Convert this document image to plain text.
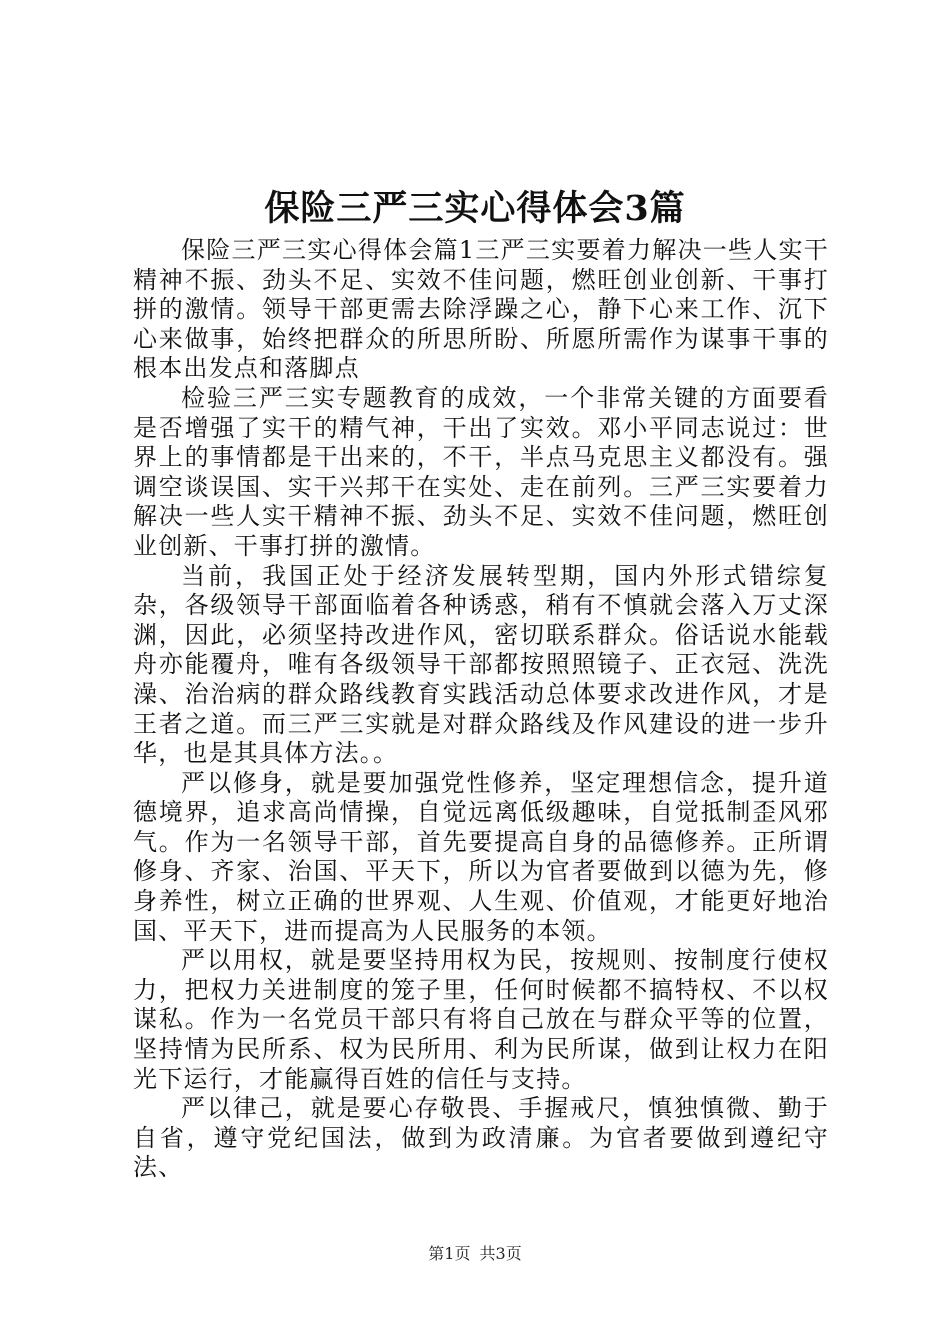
保险三严三实心得体会3篇

保险三严三实心得体会篇1三严三实要着力解决一些人实干精神不振、劲头不足、实效不佳问题，燃旺创业创新、干事打拼的激情。领导干部更需去除浮躁之心，静下心来工作、沉下心来做事，始终把群众的所思所盼、所愿所需作为谋事干事的根本出发点和落脚点

检验三严三实专题教育的成效，一个非常关键的方面要看是否增强了实干的精气神，干出了实效。邓小平同志说过：世界上的事情都是干出来的，不干，半点马克思主义都没有。强调空谈误国、实干兴邦干在实处、走在前列。三严三实要着力解决一些人实干精神不振、劲头不足、实效不佳问题，燃旺创业创新、干事打拼的激情。

当前，我国正处于经济发展转型期，国内外形式错综复杂，各级领导干部面临着各种诱惑，稍有不慎就会落入万丈深渊，因此，必须坚持改进作风，密切联系群众。俗话说水能载舟亦能覆舟，唯有各级领导干部都按照照镜子、正衣冠、洗洗澡、治治病的群众路线教育实践活动总体要求改进作风，才是王者之道。而三严三实就是对群众路线及作风建设的进一步升华，也是其具体方法。。

严以修身，就是要加强党性修养，坚定理想信念，提升道德境界，追求高尚情操，自觉远离低级趣味，自觉抵制歪风邪气。作为一名领导干部，首先要提高自身的品德修养。正所谓修身、齐家、治国、平天下，所以为官者要做到以德为先，修身养性，树立正确的世界观、人生观、价值观，才能更好地治国、平天下，进而提高为人民服务的本领。

严以用权，就是要坚持用权为民，按规则、按制度行使权力，把权力关进制度的笼子里，任何时候都不搞特权、不以权谋私。作为一名党员干部只有将自己放在与群众平等的位置，坚持情为民所系、权为民所用、利为民所谋，做到让权力在阳光下运行，才能赢得百姓的信任与支持。

严以律己，就是要心存敬畏、手握戒尺，慎独慎微、勤于自省，遵守党纪国法，做到为政清廉。为官者要做到遵纪守法、

第1页 共3页
